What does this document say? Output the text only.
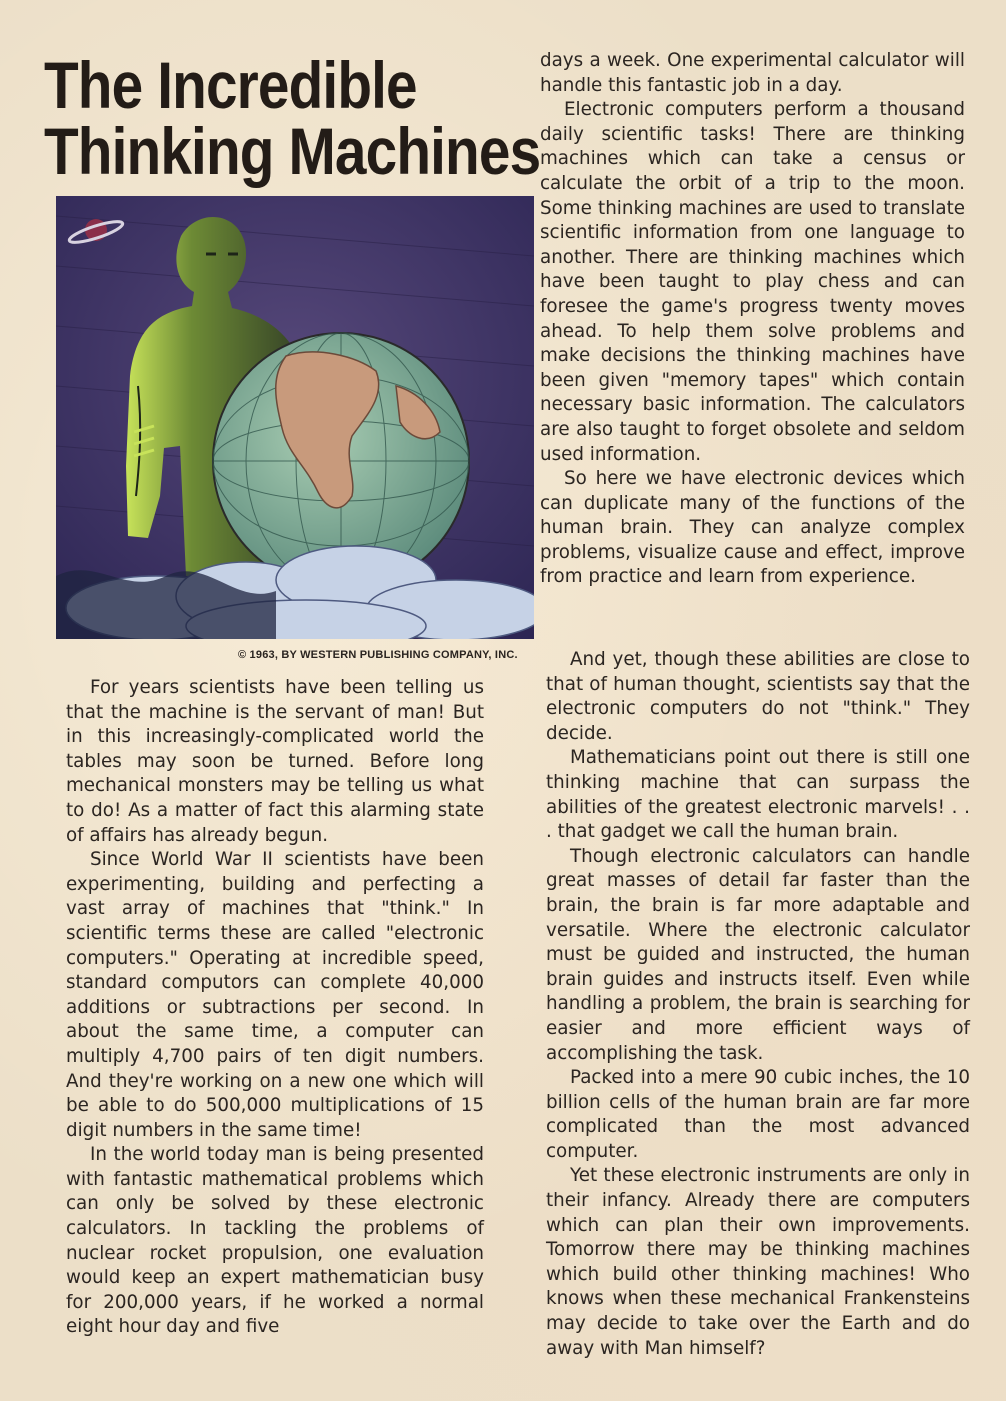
The Incredible
Thinking Machines
© 1963, BY WESTERN PUBLISHING COMPANY, INC.

For years scientists have been telling us that the machine is the servant of man! But in this increasingly-complicated world the tables may soon be turned. Before long mechanical monsters may be telling us what to do! As a matter of fact this alarming state of affairs has already begun.

Since World War II scientists have been experimenting, building and perfecting a vast array of machines that "think." In scientific terms these are called "electronic computers." Operating at incredible speed, standard computors can complete 40,000 additions or subtractions per second. In about the same time, a computer can multiply 4,700 pairs of ten digit numbers. And they're working on a new one which will be able to do 500,000 multiplications of 15 digit numbers in the same time!

In the world today man is being presented with fantastic mathematical problems which can only be solved by these electronic calculators. In tackling the problems of nuclear rocket propulsion, one evaluation would keep an expert mathematician busy for 200,000 years, if he worked a normal eight hour day and five

days a week. One experimental calculator will handle this fantastic job in a day.

Electronic computers perform a thousand daily scientific tasks! There are thinking machines which can take a census or calculate the orbit of a trip to the moon. Some thinking machines are used to translate scientific information from one language to another. There are thinking machines which have been taught to play chess and can foresee the game's progress twenty moves ahead. To help them solve problems and make decisions the thinking machines have been given "memory tapes" which contain necessary basic information. The calculators are also taught to forget obsolete and seldom used information.

So here we have electronic devices which can duplicate many of the functions of the human brain. They can analyze complex problems, visualize cause and effect, improve from practice and learn from experience.

And yet, though these abilities are close to that of human thought, scientists say that the electronic computers do not "think." They decide.

Mathematicians point out there is still one thinking machine that can surpass the abilities of the greatest electronic marvels! . . . that gadget we call the human brain.

Though electronic calculators can handle great masses of detail far faster than the brain, the brain is far more adaptable and versatile. Where the electronic calculator must be guided and instructed, the human brain guides and instructs itself. Even while handling a problem, the brain is searching for easier and more efficient ways of accomplishing the task.

Packed into a mere 90 cubic inches, the 10 billion cells of the human brain are far more complicated than the most advanced computer.

Yet these electronic instruments are only in their infancy. Already there are computers which can plan their own improvements. Tomorrow there may be thinking machines which build other thinking machines! Who knows when these mechanical Frankensteins may decide to take over the Earth and do away with Man himself?
